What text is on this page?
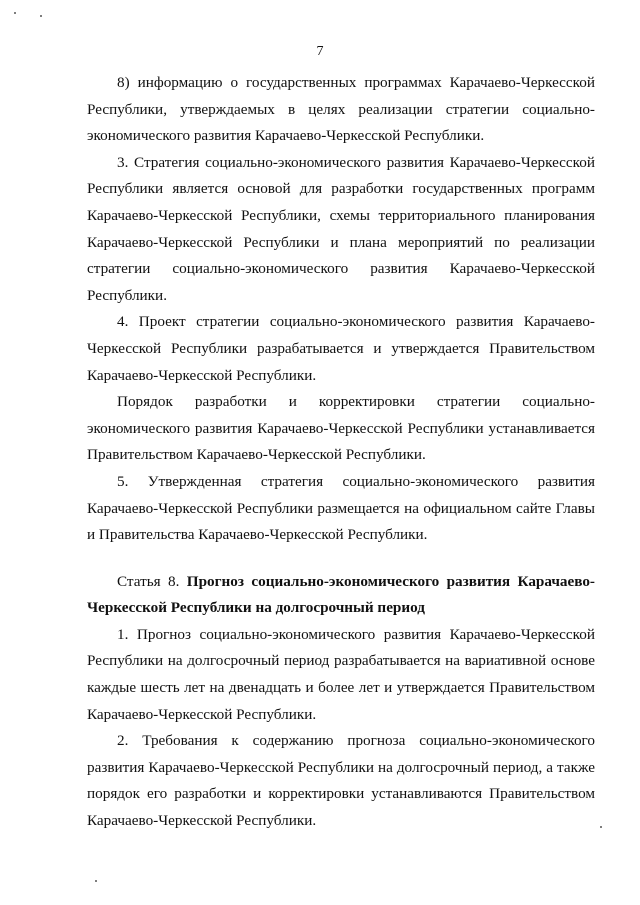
7

8) информацию о государственных программах Карачаево-Черкесской Республики, утверждаемых в целях реализации стратегии социально-экономического развития Карачаево-Черкесской Республики.

3. Стратегия социально-экономического развития Карачаево-Черкесской Республики является основой для разработки государственных программ Карачаево-Черкесской Республики, схемы территориального планирования Карачаево-Черкесской Республики и плана мероприятий по реализации стратегии социально-экономического развития Карачаево-Черкесской Республики.

4. Проект стратегии социально-экономического развития Карачаево-Черкесской Республики разрабатывается и утверждается Правительством Карачаево-Черкесской Республики.

Порядок разработки и корректировки стратегии социально-экономического развития Карачаево-Черкесской Республики устанавливается Правительством Карачаево-Черкесской Республики.

5. Утвержденная стратегия социально-экономического развития Карачаево-Черкесской Республики размещается на официальном сайте Главы и Правительства Карачаево-Черкесской Республики.

Статья 8. Прогноз социально-экономического развития Карачаево-Черкесской Республики на долгосрочный период

1. Прогноз социально-экономического развития Карачаево-Черкесской Республики на долгосрочный период разрабатывается на вариативной основе каждые шесть лет на двенадцать и более лет и утверждается Правительством Карачаево-Черкесской Республики.

2. Требования к содержанию прогноза социально-экономического развития Карачаево-Черкесской Республики на долгосрочный период, а также порядок его разработки и корректировки устанавливаются Правительством Карачаево-Черкесской Республики.
